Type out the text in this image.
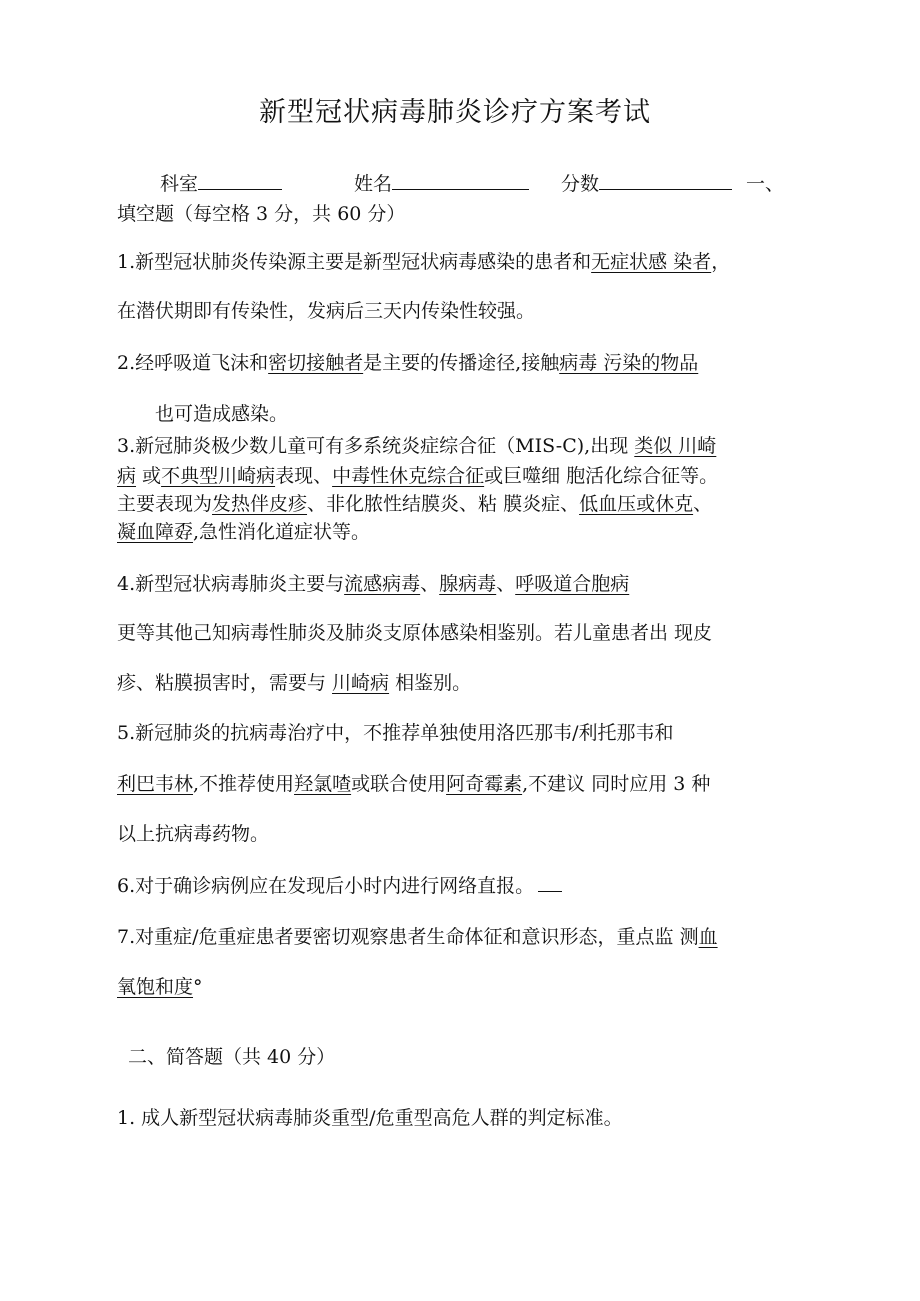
新型冠状病毒肺炎诊疗方案考试
科室	姓名	分数	一、
填空题（每空格 3 分，共 60 分）
1.新型冠状肺炎传染源主要是新型冠状病毒感染的患者和无症状感 染者，
在潜伏期即有传染性，发病后三天内传染性较强。
2.经呼吸道飞沫和密切接触者是主要的传播途径,接触病毒 污染的物品
也可造成感染。
3.新冠肺炎极少数儿童可有多系统炎症综合征（MIS-C),出现 类似 川崎
病 或不典型川崎病表现、中毒性休克综合征或巨噬细 胞活化综合征等。
主要表现为发热伴皮疹、非化脓性结膜炎、粘 膜炎症、低血压或休克、
凝血障孬,急性消化道症状等。
4.新型冠状病毒肺炎主要与流感病毒、腺病毒、呼吸道合胞病
更等其他己知病毒性肺炎及肺炎支原体感染相鉴别。若儿童患者出 现皮
疹、粘膜损害时，需要与 川崎病 相鉴别。
5.新冠肺炎的抗病毒治疗中，不推荐单独使用洛匹那韦/利托那韦和
利巴韦林,不推荐使用羟氯喳或联合使用阿奇霉素,不建议 同时应用 3 种
以上抗病毒药物。
6.对于确诊病例应在发现后小时内进行网络直报。
7.对重症/危重症患者要密切观察患者生命体征和意识形态，重点监 测血
氧饱和度°
二、简答题（共 40 分）
1. 成人新型冠状病毒肺炎重型/危重型高危人群的判定标准。
